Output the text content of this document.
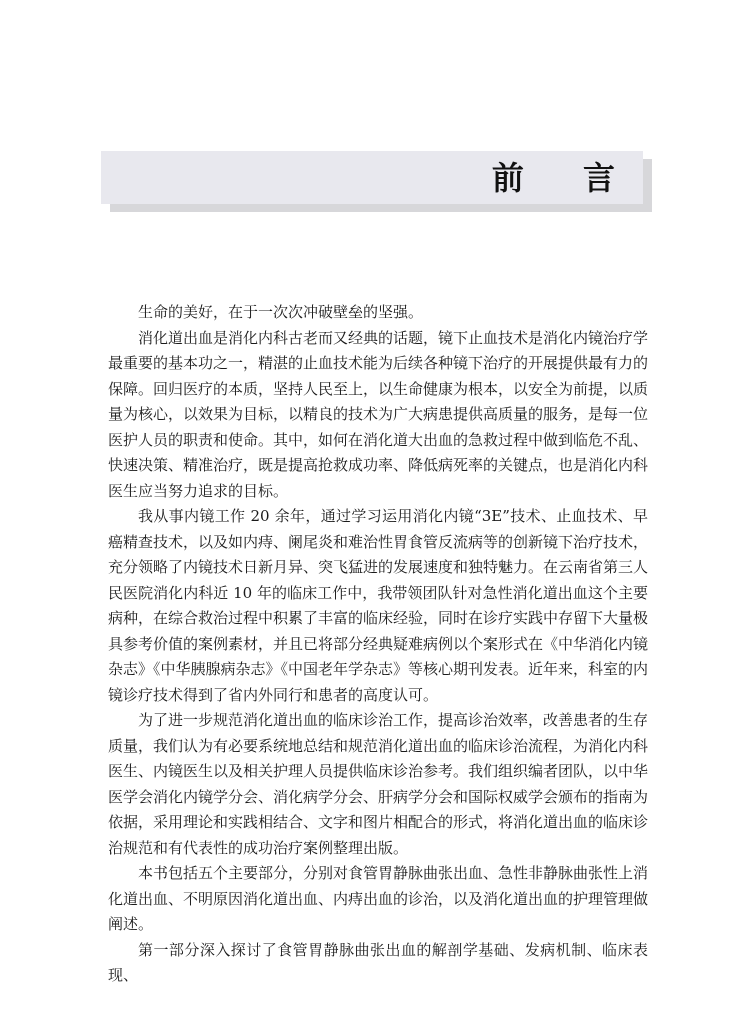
前 言

生命的美好，在于一次次冲破壁垒的坚强。

消化道出血是消化内科古老而又经典的话题，镜下止血技术是消化内镜治疗学最重要的基本功之一，精湛的止血技术能为后续各种镜下治疗的开展提供最有力的保障。回归医疗的本质，坚持人民至上，以生命健康为根本，以安全为前提，以质量为核心，以效果为目标，以精良的技术为广大病患提供高质量的服务，是每一位医护人员的职责和使命。其中，如何在消化道大出血的急救过程中做到临危不乱、快速决策、精准治疗，既是提高抢救成功率、降低病死率的关键点，也是消化内科医生应当努力追求的目标。

我从事内镜工作 20 余年，通过学习运用消化内镜“3E”技术、止血技术、早癌精查技术，以及如内痔、阑尾炎和难治性胃食管反流病等的创新镜下治疗技术，充分领略了内镜技术日新月异、突飞猛进的发展速度和独特魅力。在云南省第三人民医院消化内科近 10 年的临床工作中，我带领团队针对急性消化道出血这个主要病种，在综合救治过程中积累了丰富的临床经验，同时在诊疗实践中存留下大量极具参考价值的案例素材，并且已将部分经典疑难病例以个案形式在《中华消化内镜杂志》《中华胰腺病杂志》《中国老年学杂志》等核心期刊发表。近年来，科室的内镜诊疗技术得到了省内外同行和患者的高度认可。

为了进一步规范消化道出血的临床诊治工作，提高诊治效率，改善患者的生存质量，我们认为有必要系统地总结和规范消化道出血的临床诊治流程，为消化内科医生、内镜医生以及相关护理人员提供临床诊治参考。我们组织编者团队，以中华医学会消化内镜学分会、消化病学分会、肝病学分会和国际权威学会颁布的指南为依据，采用理论和实践相结合、文字和图片相配合的形式，将消化道出血的临床诊治规范和有代表性的成功治疗案例整理出版。

本书包括五个主要部分，分别对食管胃静脉曲张出血、急性非静脉曲张性上消化道出血、不明原因消化道出血、内痔出血的诊治，以及消化道出血的护理管理做阐述。

第一部分深入探讨了食管胃静脉曲张出血的解剖学基础、发病机制、临床表现、
